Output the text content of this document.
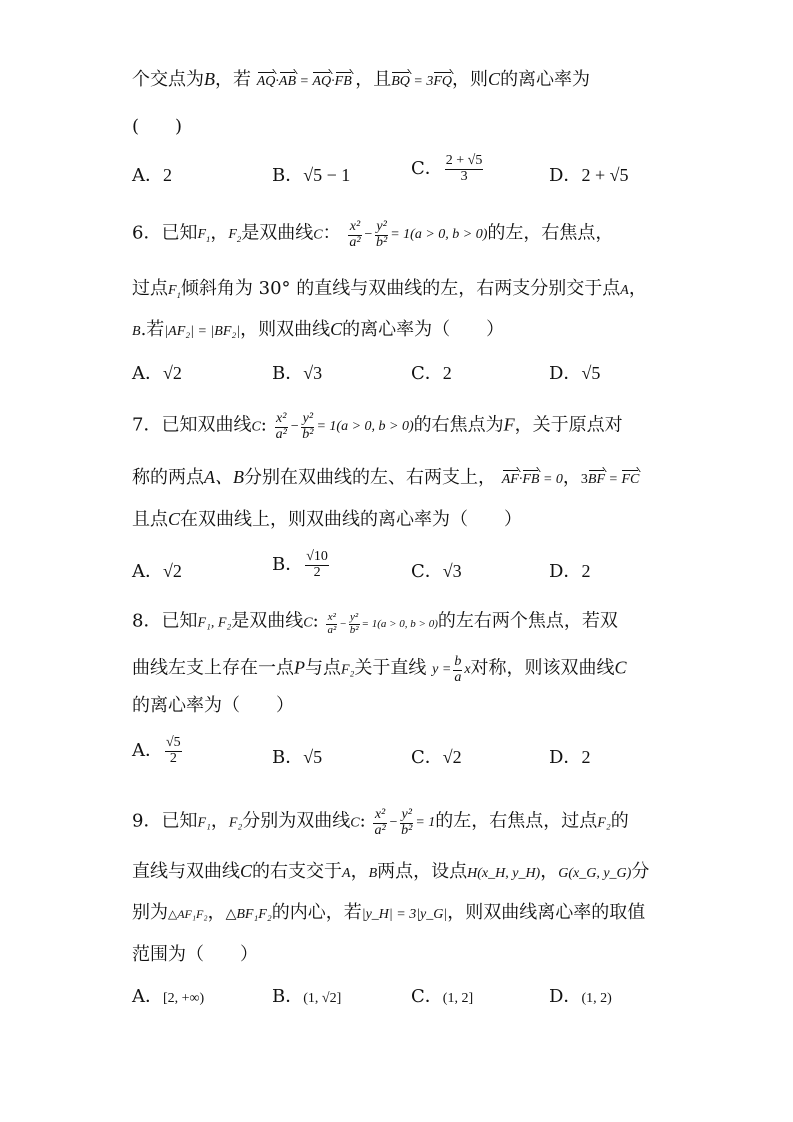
个交点为B，若 AQ·AB = AQ·FB ，且BQ = 3FQ，则C的离心率为
(　　)
A．2	B．√5 − 1	C． $\frac{2 + √5}{3}$	D．2 + √5
6．已知$F_1$，$F_2$是双曲线C： $\frac{\text{x²}}{\text{a²}} - \frac{\text{y²}}{\text{b²}} = 1(a > 0$, b > 0)的左，右焦点，
过点$F_1$倾斜角为 30° 的直线与双曲线的左，右两支分别交于点A，
B.若|AF₂| = |BF₂|，则双曲线C的离心率为（　　）
A．√2	B．√3	C．2	D．√5
7．已知双曲线C: $\frac{\text{x²}}{\text{a²}} - \frac{\text{y²}}{\text{b²}} = 1(a > 0$, b > 0)的右焦点为F，关于原点对
称的两点A、B分别在双曲线的左、右两支上， AF·FB = 0，3BF = FC
且点C在双曲线上，则双曲线的离心率为（　　）
A．√2	B． $\frac{√10}{2}$	C．√3	D．2
8．已知F₁, F₂是双曲线C: $\frac{\text{x²}}{\text{a²}} - \frac{\text{y²}}{\text{b²}} = 1(a > 0$, b > 0)的左右两个焦点，若双
曲线左支上存在一点P与点F₂关于直线 $y = \frac{b}{a}$ x对称，则该双曲线C
的离心率为（　　）
A． $\frac{√5}{2}$	B．√5	C．√2	D．2
9．已知F₁，F₂分别为双曲线C: $\frac{\text{x²}}{\text{a²}} - \frac{\text{y²}}{\text{b²}} = 1$的左，右焦点，过点F₂的
直线与双曲线C的右支交于A，B两点，设点H(x_H, y_H)，G(x_G, y_G)分
别为△AF₁F₂，△BF₁F₂的内心，若|y_H| = 3|y_G|，则双曲线离心率的取值
范围为（　　）
A．[2, +∞)	B．(1, √2]	C．(1, 2]	D．(1, 2)
